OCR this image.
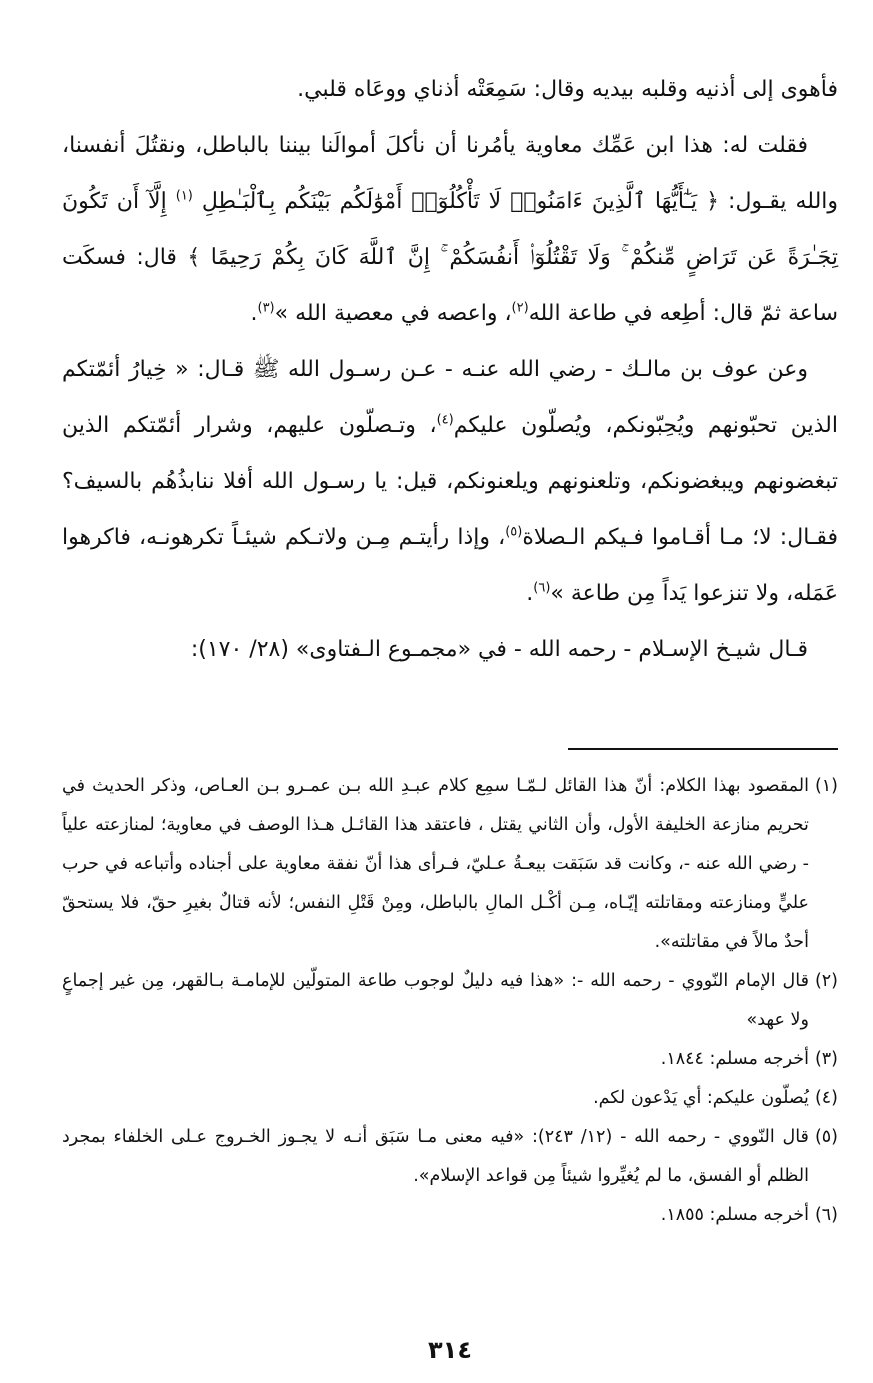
فأهوى إلى أذنيه وقلبه بيديه وقال: سَمِعَتْه أذناي ووعَاه قلبي.

فقلت له: هذا ابن عَمِّك معاوية يأمُرنا أن نأكلَ أموالَنا بيننا بالباطل، ونقتُلَ أنفسنا، والله يقـول: ﴿ يَـٰٓأَيُّهَا ٱلَّذِينَ ءَامَنُوا۟ لَا تَأْكُلُوٓا۟ أَمْوَٰلَكُم بَيْنَكُم بِٱلْبَـٰطِلِ $^{(١)}$ إِلَّآ أَن تَكُونَ تِجَـٰرَةً عَن تَرَاضٍ مِّنكُمْ ۚ وَلَا تَقْتُلُوٓا۟ أَنفُسَكُمْ ۚ إِنَّ ٱللَّهَ كَانَ بِكُمْ رَحِيمًا ﴾ قال: فسكَت ساعة ثمّ قال: أطِعه في طاعة الله$^{(٢)}$، واعصه في معصية الله »$^{(٣)}$.

وعن عوف بن مالـك - رضي الله عنـه - عـن رسـول الله ﷺ قـال: « خِيارُ أئمّتكم الذين تحبّونهم ويُحِبّونكم، ويُصلّون عليكم$^{(٤)}$، وتـصلّون عليهم، وشرار أئمّتكم الذين تبغضونهم ويبغضونكم، وتلعنونهم ويلعنونكم، قيل: يا رسـول الله أفلا ننابذُهُم بالسيف؟ فقـال: لا؛ مـا أقـاموا فـيكم الـصلاة$^{(٥)}$، وإذا رأيتـم مِـن ولاتـكم شيئـاً تكرهونـه، فاكرهوا عَمَله، ولا تنزعوا يَداً مِن طاعة »$^{(٦)}$.

قـال شيـخ الإسـلام - رحمه الله - في «مجمـوع الـفتاوى» (٢٨/ ١٧٠):

(١)
المقصود بهذا الكلام: أنّ هذا القائل لـمّـا سمِع كلام عبـدِ الله بـن عمـرو بـن العـاص، وذكر الحديث في تحريم منازعة الخليفة الأول، وأن الثاني يقتل ، فاعتقد هذا القائـل هـذا الوصف في معاوية؛ لمنازعته علياً - رضي الله عنه -، وكانت قد سَبَقت بيعـةُ عـليّ، فـرأى هذا أنّ نفقة معاوية على أجناده وأتباعه في حرب عليٍّ ومنازعته ومقاتلته إيّـاه، مِـن أكْـل المالِ بالباطل، ومِنْ قَتْلِ النفس؛ لأنه قتالٌ بغيرِ حقّ، فلا يستحقّ أحدٌ مالاً في مقاتلته».
(٢)
قال الإمام النّووي - رحمه الله -: «هذا فيه دليلٌ لوجوب طاعة المتولّين للإمامـة بـالقهر، مِن غير إجماعٍ ولا عهد»
(٣)
أخرجه مسلم: ١٨٤٤.
(٤)
يُصلّون عليكم: أي يَدْعون لكم.
(٥)
قال النّووي - رحمه الله - (١٢/ ٢٤٣): «فيه معنى مـا سَبَق أنـه لا يجـوز الخـروج عـلى الخلفاء بمجرد الظلم أو الفسق، ما لم يُغيِّروا شيئاً مِن قواعد الإسلام».
(٦)
أخرجه مسلم: ١٨٥٥.
٣١٤
